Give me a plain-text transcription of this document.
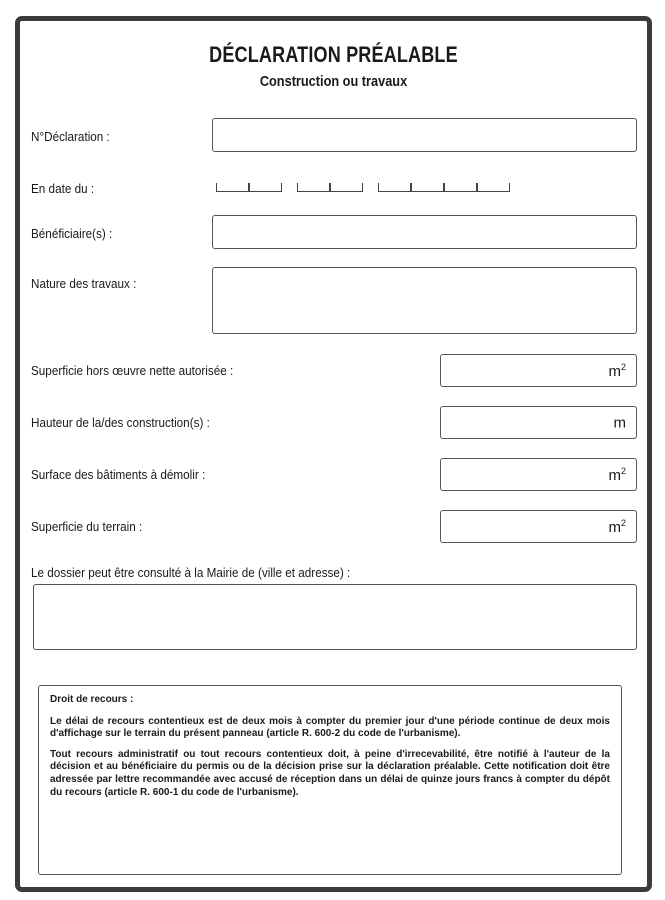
DÉCLARATION PRÉALABLE
Construction ou travaux
N°Déclaration :
En date du :
Bénéficiaire(s) :
Nature des travaux :
Superficie hors œuvre nette autorisée :	$m^2$
Hauteur de la/des construction(s) :	m
Surface des bâtiments à démolir :	$m^2$
Superficie du terrain :	$m^2$
Le dossier peut être consulté à la Mairie de (ville et adresse) :

Droit de recours :

Le délai de recours contentieux est de deux mois à compter du premier jour d'une période continue de deux mois d'affichage sur le terrain du présent panneau (article R. 600-2 du code de l'urbanisme).

Tout recours administratif ou tout recours contentieux doit, à peine d'irrecevabilité, être notifié à l'auteur de la décision et au bénéficiaire du permis ou de la décision prise sur la déclaration préalable. Cette notification doit être adressée par lettre recommandée avec accusé de réception dans un délai de quinze jours francs à compter du dépôt du recours (article R. 600-1 du code de l'urbanisme).
